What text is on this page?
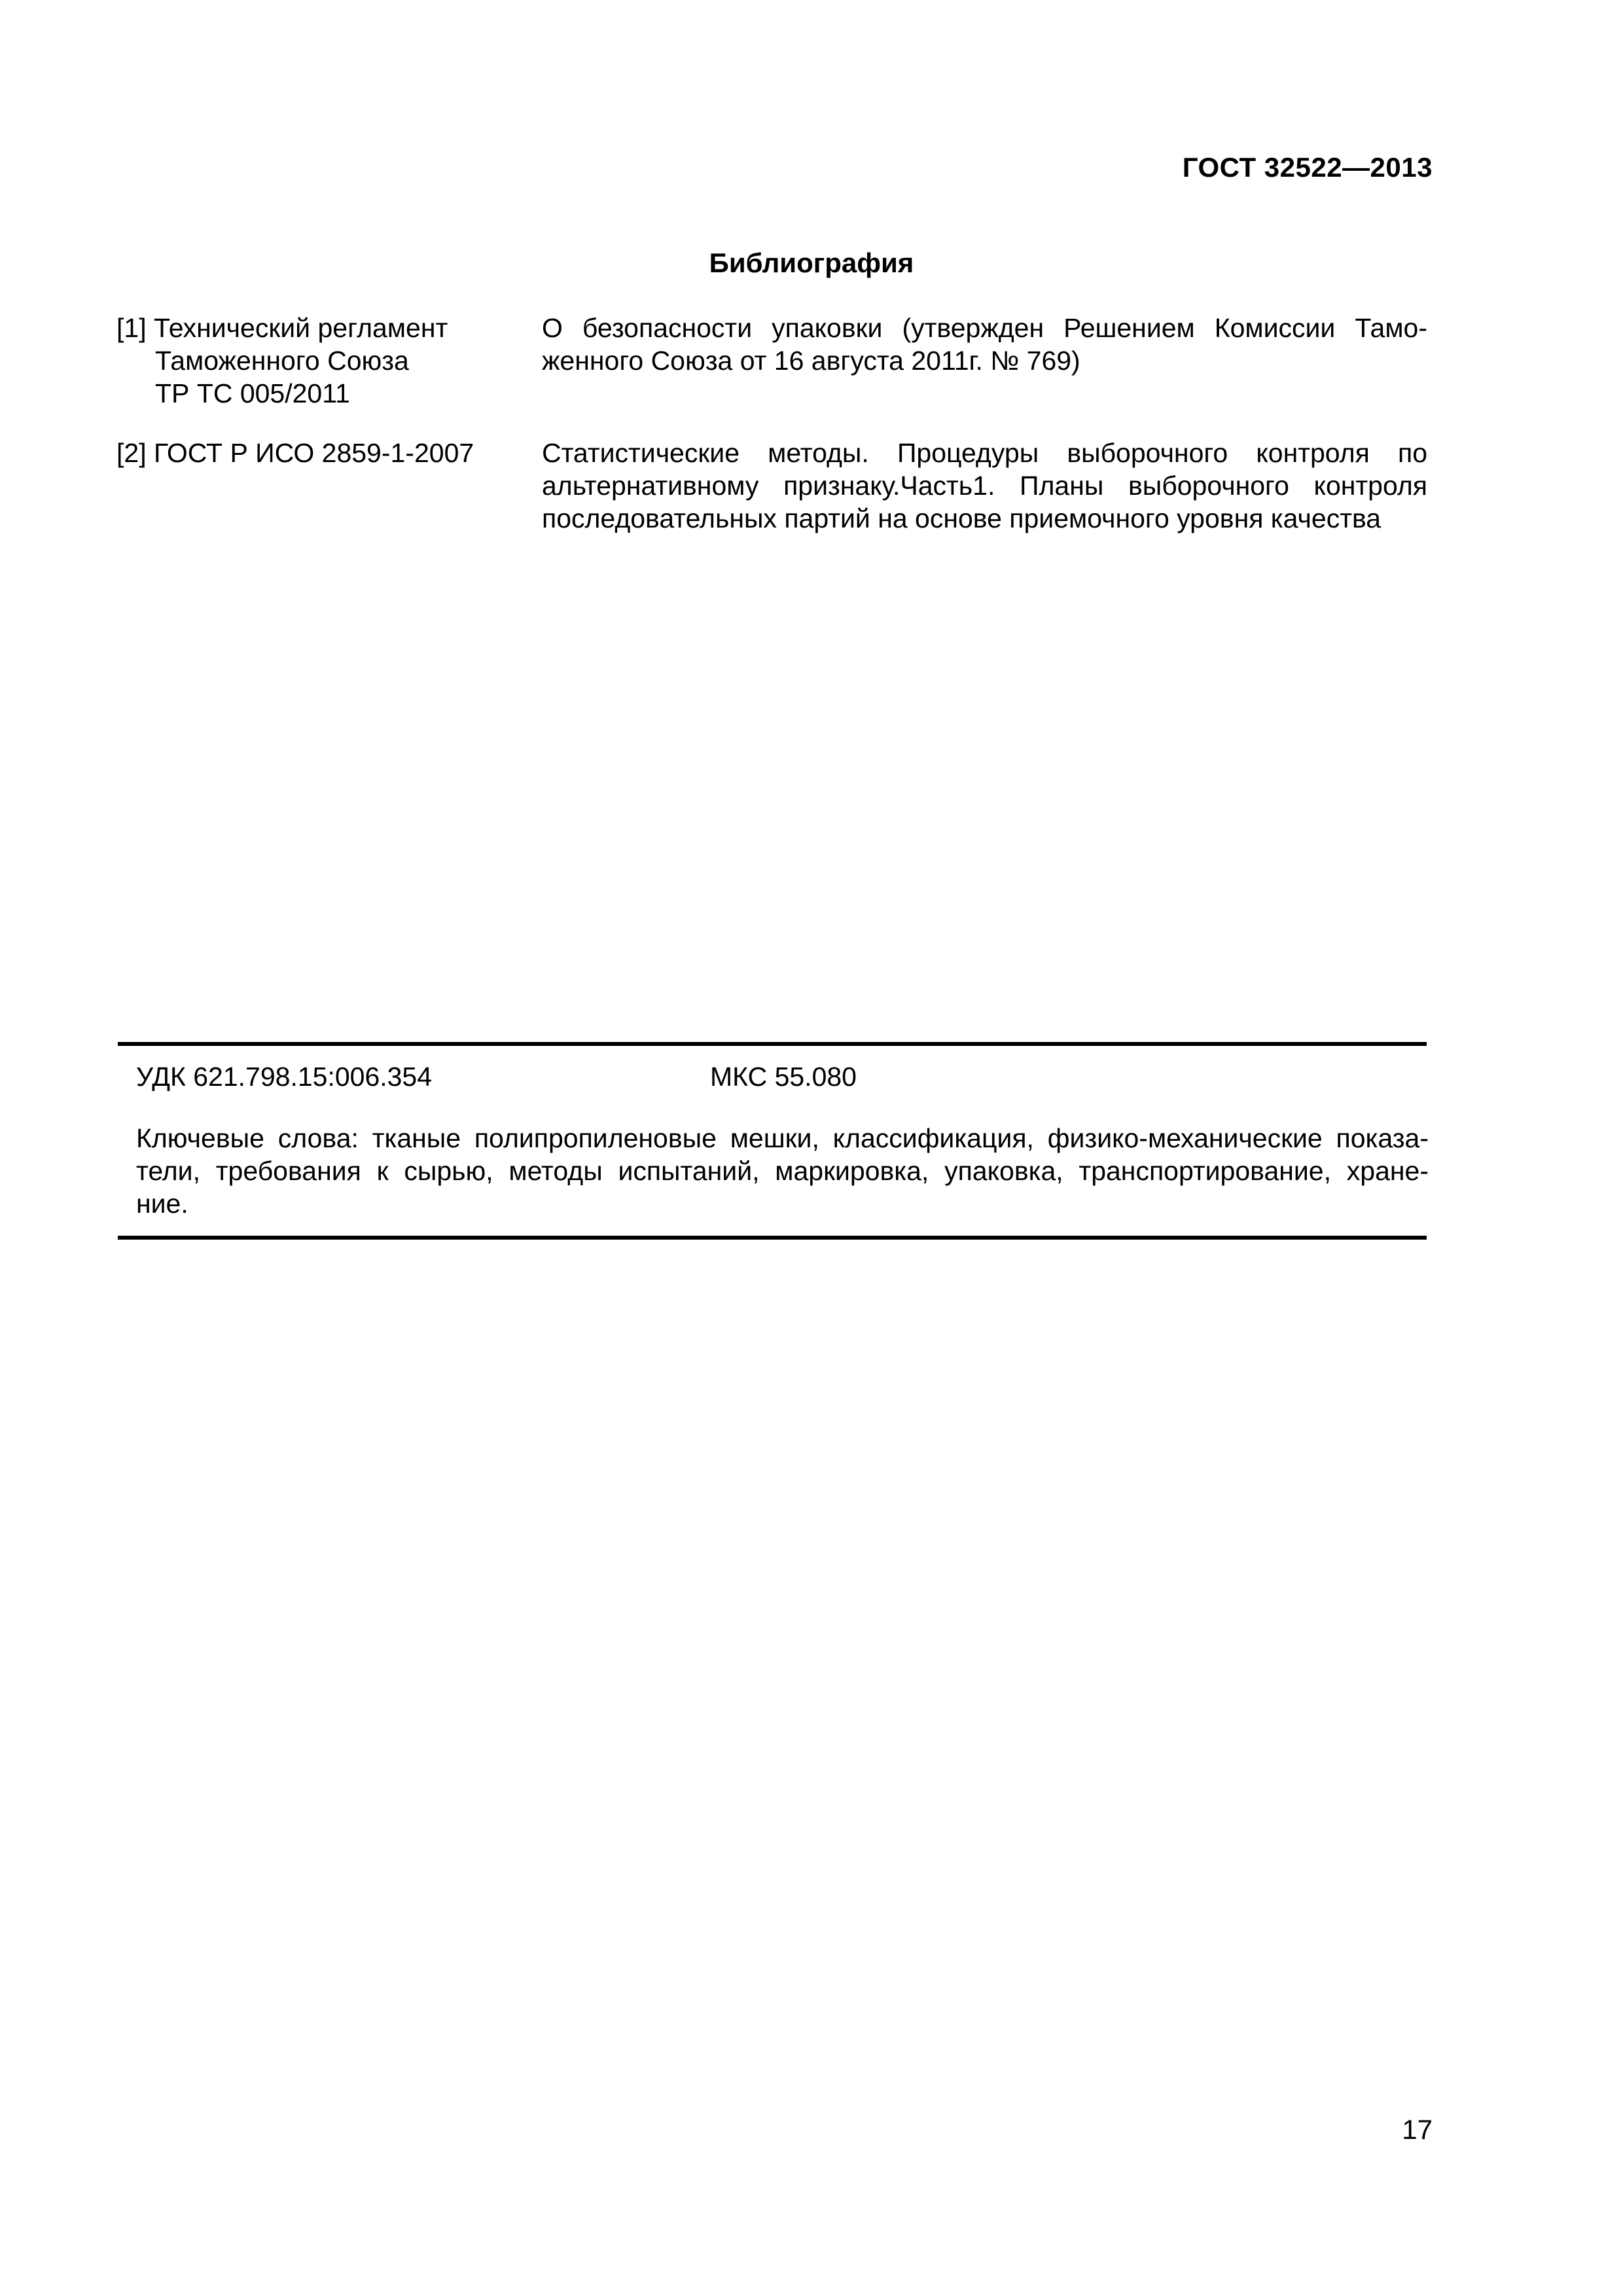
ГОСТ 32522—2013
Библиография
[1] Технический регламент
Таможенного Союза
ТР ТС 005/2011
О безопасности упаковки (утвержден Решением Комиссии Тамо-
женного Союза от 16 августа 2011г. № 769)
[2] ГОСТ Р ИСО 2859-1-2007	Статистические методы. Процедуры выборочного контроля по
альтернативному признаку.Часть1. Планы выборочного контроля
последовательных партий на основе приемочного уровня качества
УДК 621.798.15:006.354	МКС 55.080
Ключевые слова: тканые полипропиленовые мешки, классификация, физико-механические показа-
тели, требования к сырью, методы испытаний, маркировка, упаковка, транспортирование, хране-
ние.
17
